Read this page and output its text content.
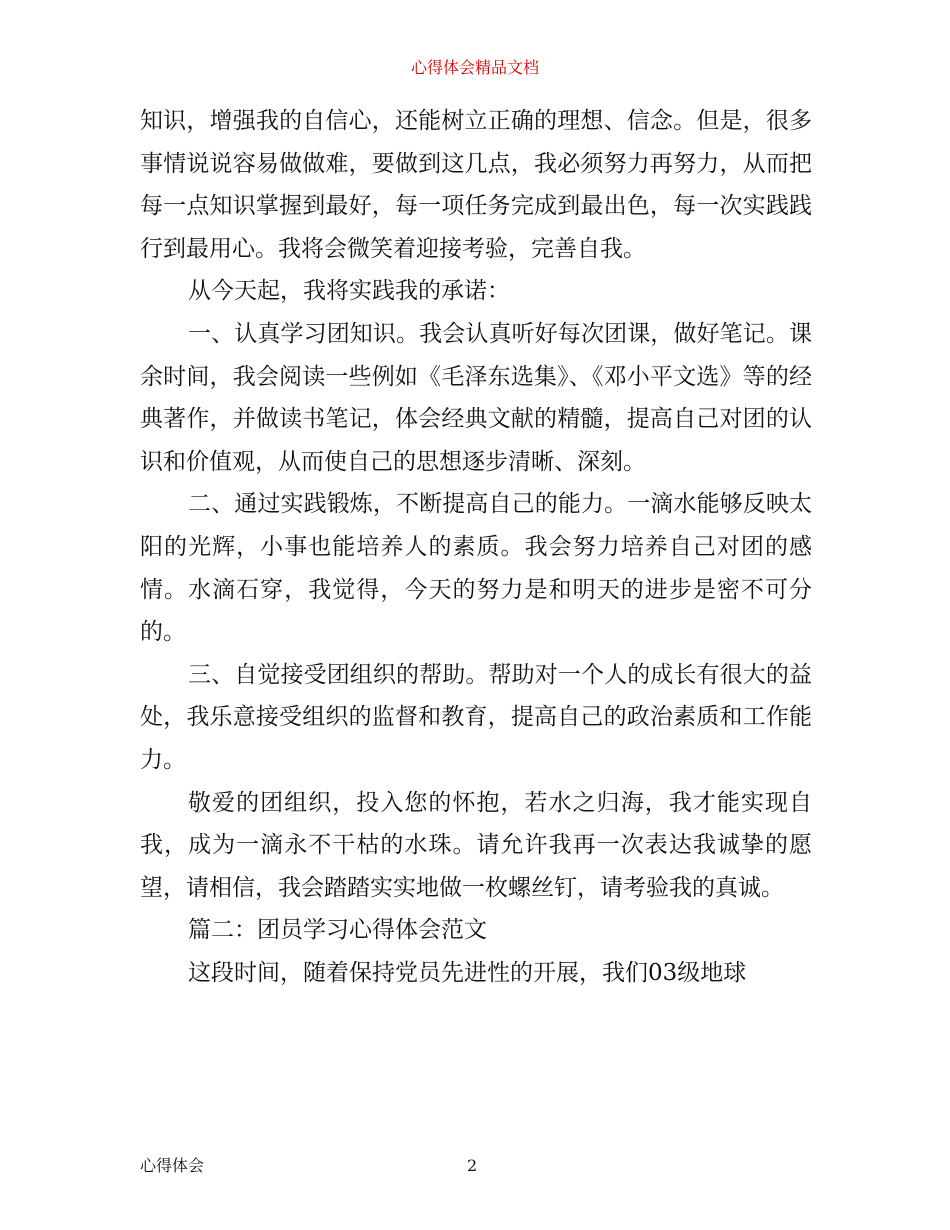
心得体会精品文档

知识，增强我的自信心，还能树立正确的理想、信念。但是，很多事情说说容易做做难，要做到这几点，我必须努力再努力，从而把每一点知识掌握到最好，每一项任务完成到最出色，每一次实践践行到最用心。我将会微笑着迎接考验，完善自我。

从今天起，我将实践我的承诺：

一、认真学习团知识。我会认真听好每次团课，做好笔记。课余时间，我会阅读一些例如《毛泽东选集》、《邓小平文选》等的经典著作，并做读书笔记，体会经典文献的精髓，提高自己对团的认识和价值观，从而使自己的思想逐步清晰、深刻。

二、通过实践锻炼，不断提高自己的能力。一滴水能够反映太阳的光辉，小事也能培养人的素质。我会努力培养自己对团的感情。水滴石穿，我觉得，今天的努力是和明天的进步是密不可分的。

三、自觉接受团组织的帮助。帮助对一个人的成长有很大的益处，我乐意接受组织的监督和教育，提高自己的政治素质和工作能力。

敬爱的团组织，投入您的怀抱，若水之归海，我才能实现自我，成为一滴永不干枯的水珠。请允许我再一次表达我诚挚的愿望，请相信，我会踏踏实实地做一枚螺丝钉，请考验我的真诚。

篇二：团员学习心得体会范文

这段时间，随着保持党员先进性的开展，我们03级地球

心得体会	2
